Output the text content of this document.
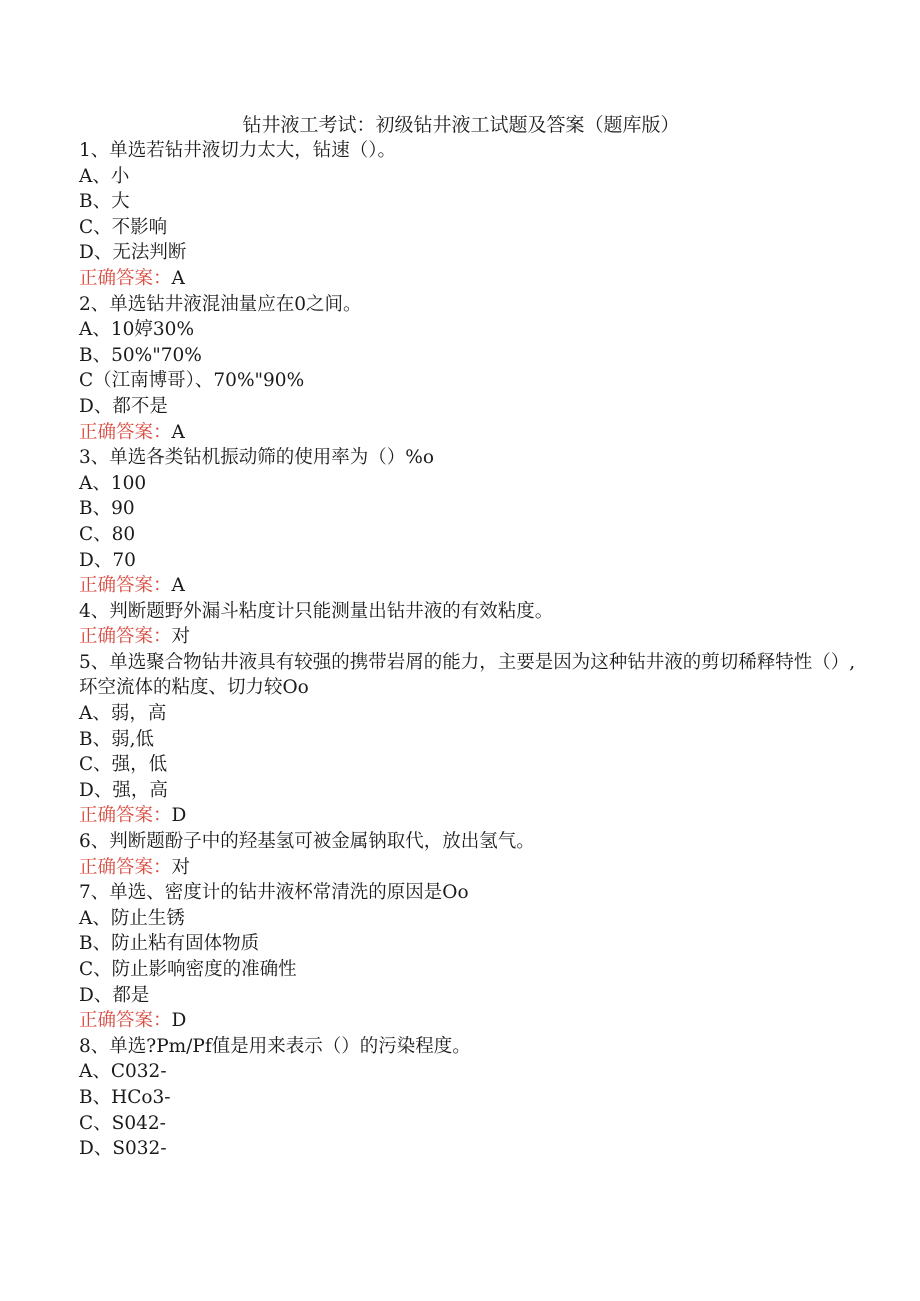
钻井液工考试：初级钻井液工试题及答案（题库版）
1、单选若钻井液切力太大，钻速（）。
A、小
B、大
C、不影响
D、无法判断
正确答案：A
2、单选钻井液混油量应在0之间。
A、10婷30%
B、50%"70%
C（江南博哥）、70%"90%
D、都不是
正确答案：A
3、单选各类钻机振动筛的使用率为（）%o
A、100
B、90
C、80
D、70
正确答案：A
4、判断题野外漏斗粘度计只能测量出钻井液的有效粘度。
正确答案：对
5、单选聚合物钻井液具有较强的携带岩屑的能力，主要是因为这种钻井液的剪切稀释特性（）,环空流体的粘度、切力较Oo
A、弱，高
B、弱,低
C、强，低
D、强，高
正确答案：D
6、判断题酚子中的羟基氢可被金属钠取代，放出氢气。
正确答案：对
7、单选、密度计的钻井液杯常清洗的原因是Oo
A、防止生锈
B、防止粘有固体物质
C、防止影响密度的准确性
D、都是
正确答案：D
8、单选?Pm/Pf值是用来表示（）的污染程度。
A、C032-
B、HCo3-
C、S042-
D、S032-
